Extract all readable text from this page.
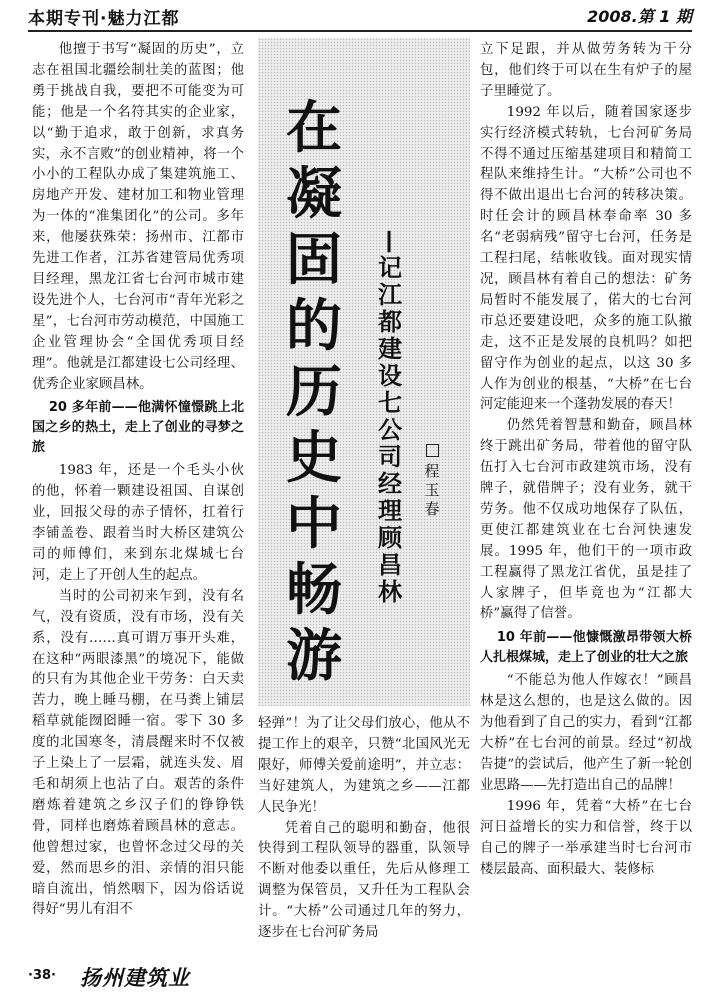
本期专刊·魅力江都	2008.第 1 期

他擅于书写“凝固的历史”，立志在祖国北疆绘制壮美的蓝图；他勇于挑战自我，要把不可能变为可能；他是一个名符其实的企业家，以“勤于追求，敢于创新，求真务实，永不言败”的创业精神，将一个小小的工程队办成了集建筑施工、房地产开发、建材加工和物业管理为一体的“准集团化”的公司。多年来，他屡获殊荣：扬州市、江都市先进工作者，江苏省建管局优秀项目经理，黑龙江省七台河市城市建设先进个人，七台河市“青年光彩之星”，七台河市劳动模范，中国施工企业管理协会“全国优秀项目经理”。他就是江都建设七公司经理、优秀企业家顾昌林。

20 多年前——他满怀憧憬跳上北国之乡的热土，走上了创业的寻梦之旅

1983 年，还是一个毛头小伙的他，怀着一颗建设祖国、自谋创业，回报父母的赤子情怀，扛着行李铺盖卷、跟着当时大桥区建筑公司的师傅们，来到东北煤城七台河，走上了开创人生的起点。

当时的公司初来乍到，没有名气，没有资质，没有市场，没有关系，没有……真可谓万事开头难，在这种“两眼漆黑”的境况下，能做的只有为其他企业干劳务：白天卖苦力，晚上睡马棚，在马粪上铺层稻草就能囫囵睡一宿。零下 30 多度的北国寒冬，清晨醒来时不仅被子上染上了一层霜，就连头发、眉毛和胡须上也沾了白。艰苦的条件磨炼着建筑之乡汉子们的铮铮铁骨，同样也磨炼着顾昌林的意志。他曾想过家，也曾怀念过父母的关爱，然而思乡的泪、亲情的泪只能暗自流出，悄然咽下，因为俗话说得好“男儿有泪不

在
凝
固
的
历
史
中
畅
游
—
记
江
都
建
设
七
公
司
经
理
顾
昌
林
程
玉
春

轻弹”！为了让父母们放心，他从不提工作上的艰辛，只赞“北国风光无限好，师傅关爱前途明”，并立志：当好建筑人，为建筑之乡——江都人民争光！

凭着自己的聪明和勤奋，他很快得到工程队领导的器重，队领导不断对他委以重任，先后从修理工调整为保管员，又升任为工程队会计。“大桥”公司通过几年的努力，逐步在七台河矿务局

立下足跟，并从做劳务转为干分包，他们终于可以在生有炉子的屋子里睡觉了。

1992 年以后，随着国家逐步实行经济模式转轨，七台河矿务局不得不通过压缩基建项目和精简工程队来维持生计。“大桥”公司也不得不做出退出七台河的转移决策。时任会计的顾昌林奉命率 30 多名“老弱病残”留守七台河，任务是工程扫尾，结帐收钱。面对现实情况，顾昌林有着自己的想法：矿务局暂时不能发展了，偌大的七台河市总还要建设吧，众多的施工队撤走，这不正是发展的良机吗？如把留守作为创业的起点，以这 30 多人作为创业的根基，“大桥”在七台河定能迎来一个蓬勃发展的春天！

仍然凭着智慧和勤奋，顾昌林终于跳出矿务局，带着他的留守队伍打入七台河市政建筑市场，没有牌子，就借牌子；没有业务，就干劳务。他不仅成功地保存了队伍，更使江都建筑业在七台河快速发展。1995 年，他们干的一项市政工程赢得了黑龙江省优，虽是挂了人家牌子，但毕竟也为“江都大桥”赢得了信誉。

10 年前——他慷慨激昂带领大桥人扎根煤城，走上了创业的壮大之旅

“不能总为他人作嫁衣！”顾昌林是这么想的，也是这么做的。因为他看到了自己的实力，看到“江都大桥”在七台河的前景。经过“初战告捷”的尝试后，他产生了新一轮创业思路——先打造出自己的品牌！

1996 年，凭着“大桥”在七台河日益增长的实力和信誉，终于以自己的牌子一举承建当时七台河市楼层最高、面积最大、装修标

·38· 扬州建筑业
